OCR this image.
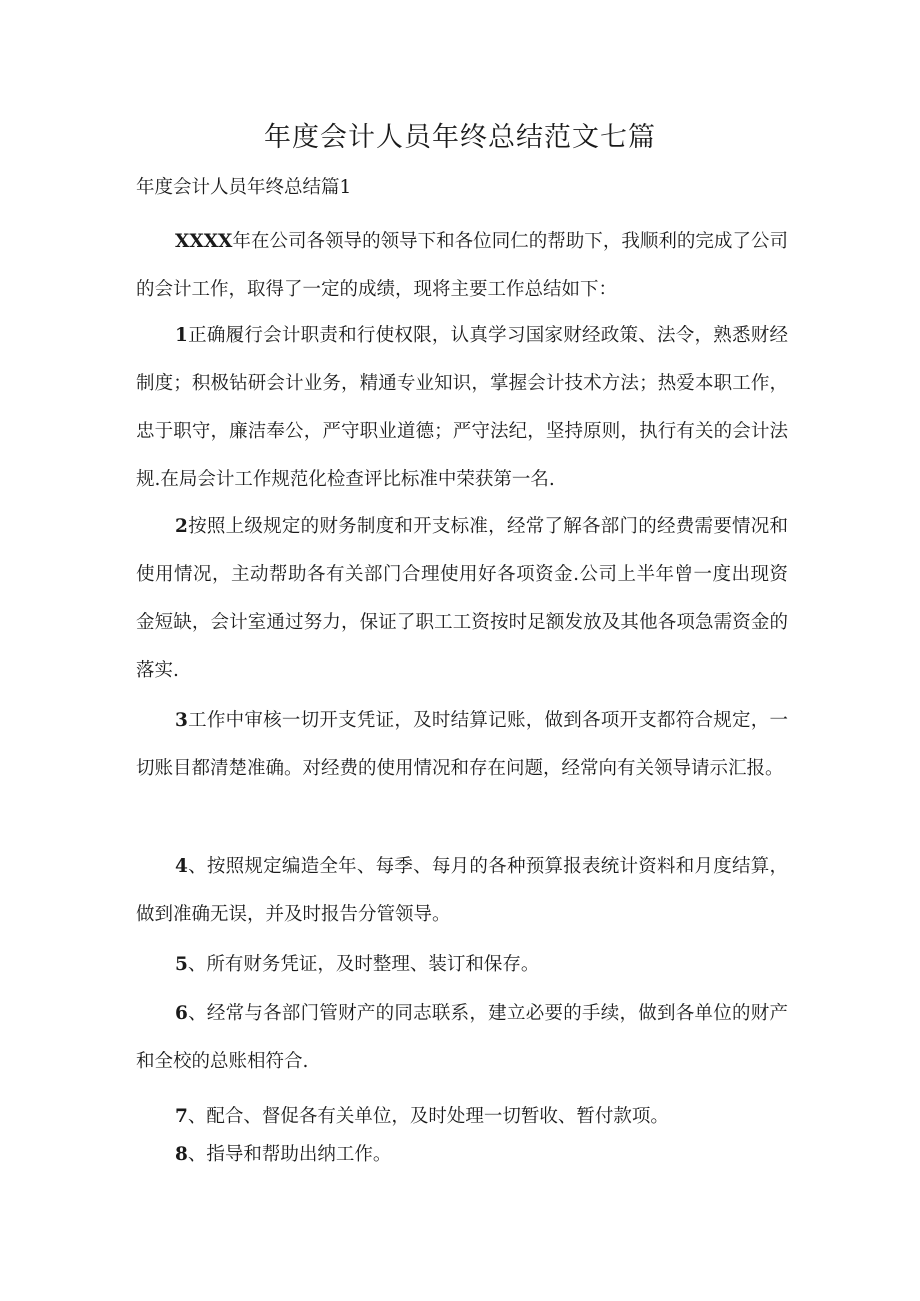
年度会计人员年终总结范文七篇
年度会计人员年终总结篇1

XXXX年在公司各领导的领导下和各位同仁的帮助下，我顺利的完成了公司的会计工作，取得了一定的成绩，现将主要工作总结如下：

1正确履行会计职责和行使权限，认真学习国家财经政策、法令，熟悉财经制度；积极钻研会计业务，精通专业知识，掌握会计技术方法；热爱本职工作，忠于职守，廉洁奉公，严守职业道德；严守法纪，坚持原则，执行有关的会计法规.在局会计工作规范化检查评比标准中荣获第一名.

2按照上级规定的财务制度和开支标准，经常了解各部门的经费需要情况和使用情况，主动帮助各有关部门合理使用好各项资金.公司上半年曾一度出现资金短缺，会计室通过努力，保证了职工工资按时足额发放及其他各项急需资金的落实.

3工作中审核一切开支凭证，及时结算记账，做到各项开支都符合规定，一切账目都清楚准确。对经费的使用情况和存在问题，经常向有关领导请示汇报。

4、按照规定编造全年、每季、每月的各种预算报表统计资料和月度结算，做到准确无误，并及时报告分管领导。

5、所有财务凭证，及时整理、装订和保存。

6、经常与各部门管财产的同志联系，建立必要的手续，做到各单位的财产和全校的总账相符合.

7、配合、督促各有关单位，及时处理一切暂收、暂付款项。

8、指导和帮助出纳工作。
